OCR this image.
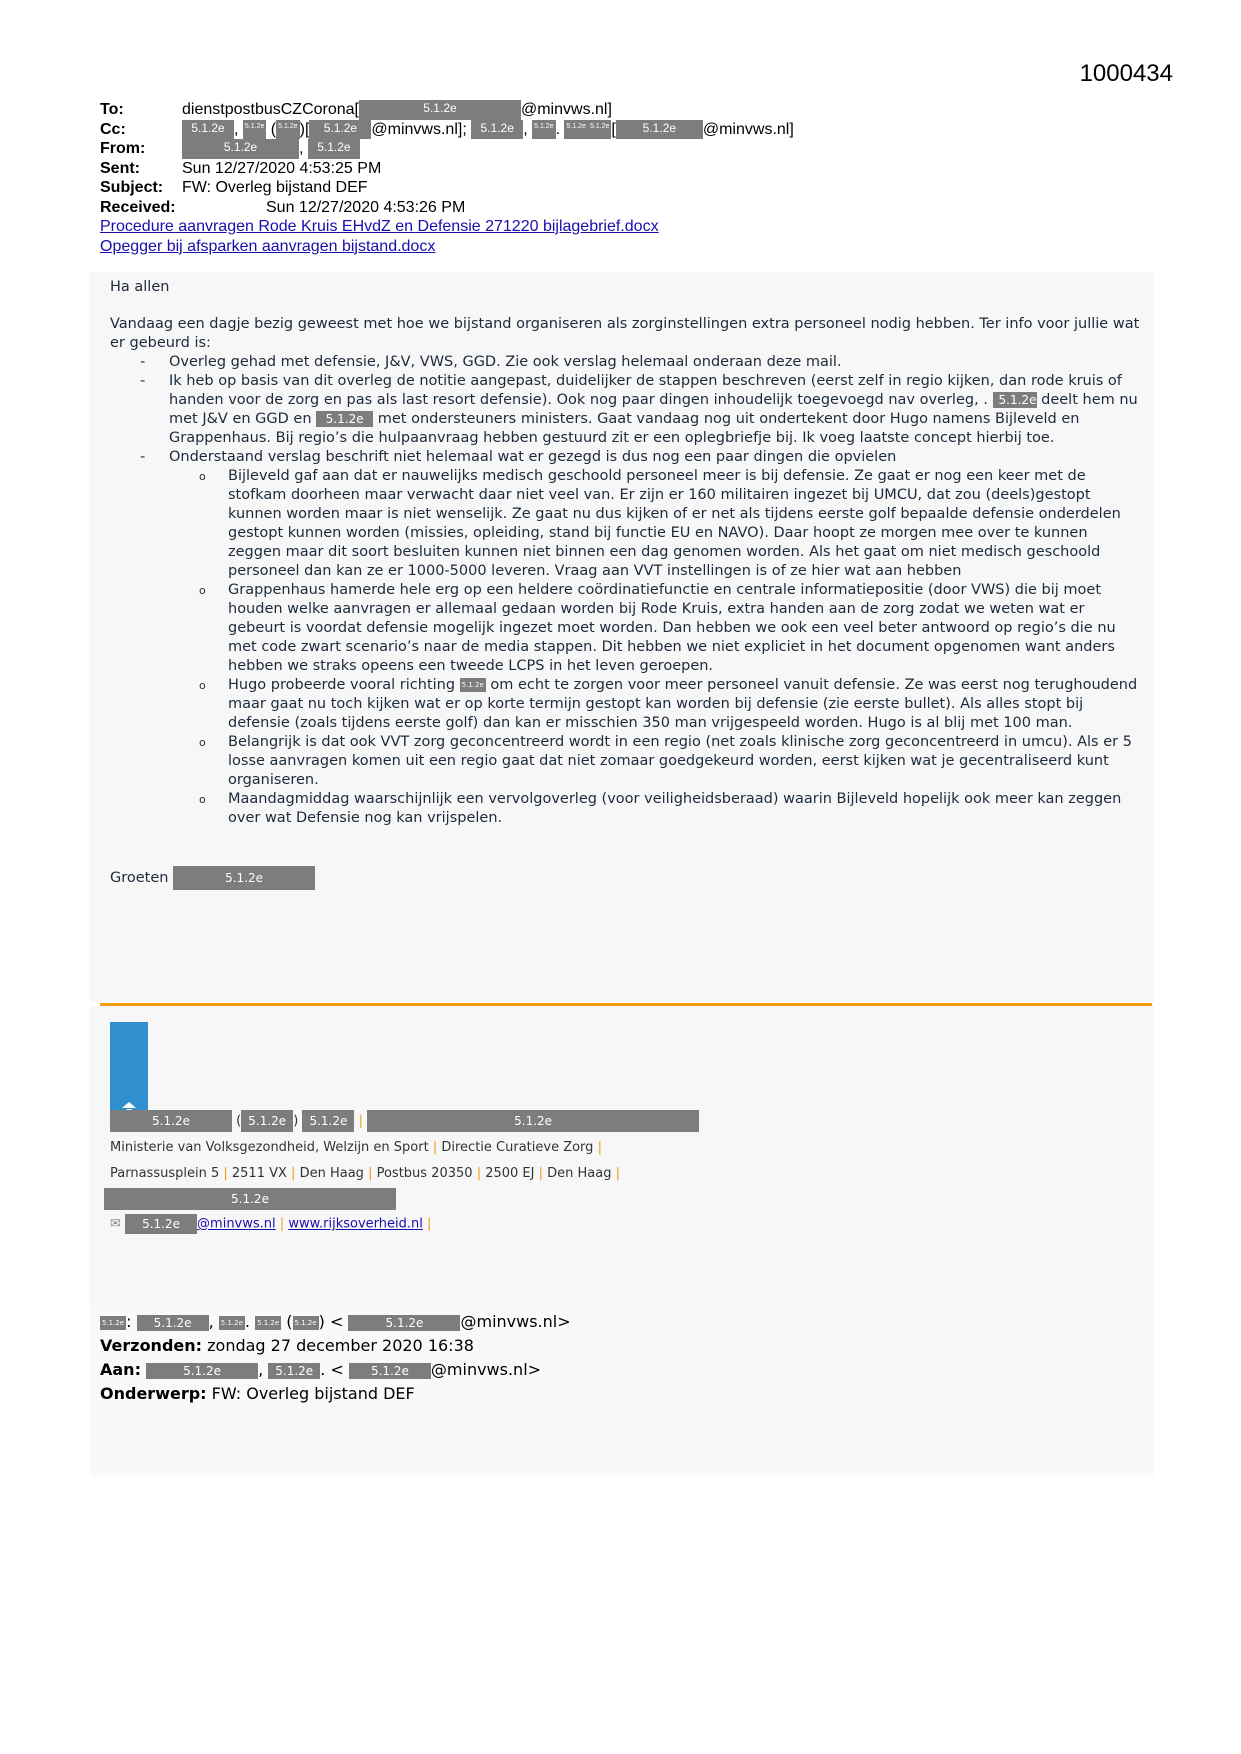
1000434
To:	dienstpostbusCZCorona[	5.1.2e	@minvws.nl]
Cc:	5.1.2e , 5.1.2e ( 5.1.2e )[	5.1.2e @minvws.nl];
	5.1.2e , 5.1.2e . 5.1.2e 5.1.2e [	5.1.2e	@minvws.nl]
From:	5.1.2e	, 5.1.2e
Sent:	Sun 12/27/2020 4:53:25 PM
Subject:	FW: Overleg bijstand DEF
Received:	Sun 12/27/2020 4:53:26 PM
Procedure aanvragen Rode Kruis EHvdZ en Defensie 271220 bijlagebrief.docx
Opegger bij afsparken aanvragen bijstand.docx

Ha allen

Vandaag een dagje bezig geweest met hoe we bijstand organiseren als zorginstellingen extra personeel nodig hebben. Ter info voor jullie wat er gebeurd is:
- Overleg gehad met defensie, J&V, VWS, GGD. Zie ook verslag helemaal onderaan deze mail.
- Ik heb op basis van dit overleg de notitie aangepast, duidelijker de stappen beschreven (eerst zelf in regio kijken, dan rode kruis of handen voor de zorg en pas als last resort defensie). Ook nog paar dingen inhoudelijk toegevoegd nav overleg, . 5.1.2e deelt hem nu met J&V en GGD en 5.1.2e met ondersteuners ministers. Gaat vandaag nog uit ondertekent door Hugo namens Bijleveld en Grappenhaus. Bij regio’s die hulpaanvraag hebben gestuurd zit er een oplegbriefje bij. Ik voeg laatste concept hierbij toe.
- Onderstaand verslag beschrift niet helemaal wat er gezegd is dus nog een paar dingen die opvielen
o Bijleveld gaf aan dat er nauwelijks medisch geschoold personeel meer is bij defensie. Ze gaat er nog een keer met de stofkam doorheen maar verwacht daar niet veel van. Er zijn er 160 militairen ingezet bij UMCU, dat zou (deels)gestopt kunnen worden maar is niet wenselijk. Ze gaat nu dus kijken of er net als tijdens eerste golf bepaalde defensie onderdelen gestopt kunnen worden (missies, opleiding, stand bij functie EU en NAVO). Daar hoopt ze morgen mee over te kunnen zeggen maar dit soort besluiten kunnen niet binnen een dag genomen worden. Als het gaat om niet medisch geschoold personeel dan kan ze er 1000-5000 leveren. Vraag aan VVT instellingen is of ze hier wat aan hebben
o Grappenhaus hamerde hele erg op een heldere coördinatiefunctie en centrale informatiepositie (door VWS) die bij moet houden welke aanvragen er allemaal gedaan worden bij Rode Kruis, extra handen aan de zorg zodat we weten wat er gebeurt is voordat defensie mogelijk ingezet moet worden. Dan hebben we ook een veel beter antwoord op regio’s die nu met code zwart scenario’s naar de media stappen. Dit hebben we niet expliciet in het document opgenomen want anders hebben we straks opeens een tweede LCPS in het leven geroepen.
o Hugo probeerde vooral richting 5.1.2e om echt te zorgen voor meer personeel vanuit defensie. Ze was eerst nog terughoudend maar gaat nu toch kijken wat er op korte termijn gestopt kan worden bij defensie (zie eerste bullet). Als alles stopt bij defensie (zoals tijdens eerste golf) dan kan er misschien 350 man vrijgespeeld worden. Hugo is al blij met 100 man.
o Belangrijk is dat ook VVT zorg geconcentreerd wordt in een regio (net zoals klinische zorg geconcentreerd in umcu). Als er 5 losse aanvragen komen uit een regio gaat dat niet zomaar goedgekeurd worden, eerst kijken wat je gecentraliseerd kunt organiseren.
o Maandagmiddag waarschijnlijk een vervolgoverleg (voor veiligheidsberaad) waarin Bijleveld hopelijk ook meer kan zeggen over wat Defensie nog kan vrijspelen.
Groeten	5.1.2e
5.1.2e	( 5.1.2e ) 5.1.2e |	5.1.2e
Ministerie van Volksgezondheid, Welzijn en Sport | Directie Curatieve Zorg |
Parnassusplein 5 | 2511 VX | Den Haag | Postbus 20350 | 2500 EJ | Den Haag |
5.1.2e
✉ 5.1.2e @minvws.nl | www.rijksoverheid.nl |
5.1.2e : 5.1.2e , 5.1.2e . 5.1.2e ( 5.1.2e ) <	5.1.2e @minvws.nl>
Verzonden: zondag 27 december 2020 16:38
Aan:	5.1.2e , 5.1.2e . < 5.1.2e @minvws.nl>
Onderwerp: FW: Overleg bijstand DEF
